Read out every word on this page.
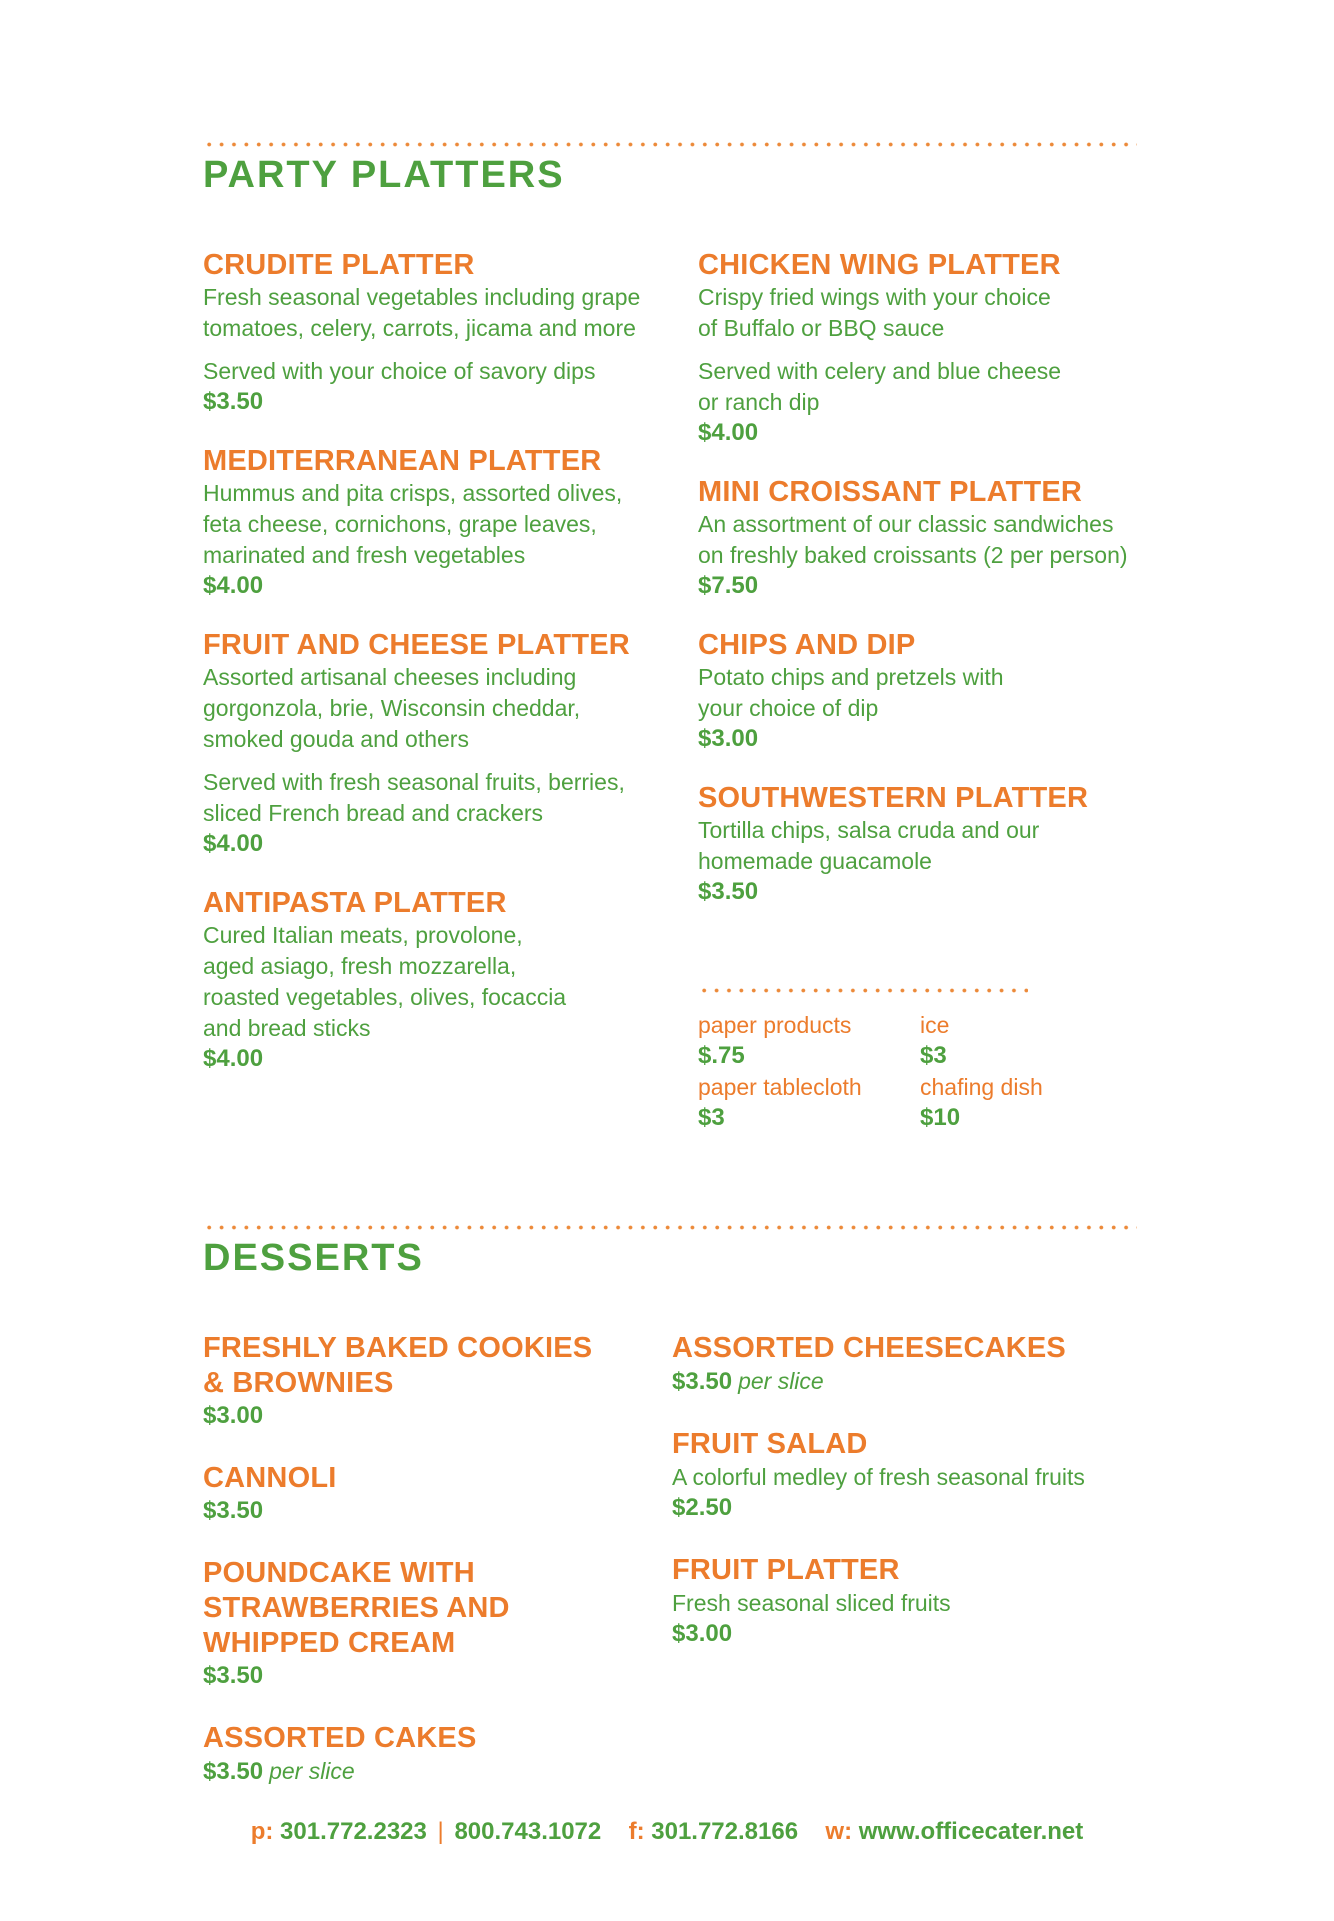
PARTY PLATTERS
CRUDITE PLATTER
Fresh seasonal vegetables including grape
tomatoes, celery, carrots, jicama and more
Served with your choice of savory dips
$3.50
MEDITERRANEAN PLATTER
Hummus and pita crisps, assorted olives,
feta cheese, cornichons, grape leaves,
marinated and fresh vegetables
$4.00
FRUIT AND CHEESE PLATTER
Assorted artisanal cheeses including
gorgonzola, brie, Wisconsin cheddar,
smoked gouda and others
Served with fresh seasonal fruits, berries,
sliced French bread and crackers
$4.00
ANTIPASTA PLATTER
Cured Italian meats, provolone,
aged asiago, fresh mozzarella,
roasted vegetables, olives, focaccia
and bread sticks
$4.00
CHICKEN WING PLATTER
Crispy fried wings with your choice
of Buffalo or BBQ sauce
Served with celery and blue cheese
or ranch dip
$4.00
MINI CROISSANT PLATTER
An assortment of our classic sandwiches
on freshly baked croissants (2 per person)
$7.50
CHIPS AND DIP
Potato chips and pretzels with
your choice of dip
$3.00
SOUTHWESTERN PLATTER
Tortilla chips, salsa cruda and our
homemade guacamole
$3.50
paper products	ice
$.75	$3
paper tablecloth	chafing dish
$3	$10
DESSERTS
FRESHLY BAKED COOKIES
& BROWNIES
$3.00
CANNOLI
$3.50
POUNDCAKE WITH
STRAWBERRIES AND
WHIPPED CREAM
$3.50
ASSORTED CAKES
$3.50 per slice
ASSORTED CHEESECAKES
$3.50 per slice
FRUIT SALAD
A colorful medley of fresh seasonal fruits
$2.50
FRUIT PLATTER
Fresh seasonal sliced fruits
$3.00
p: 301.772.2323 | 800.743.1072 f: 301.772.8166 w: www.officecater.net
